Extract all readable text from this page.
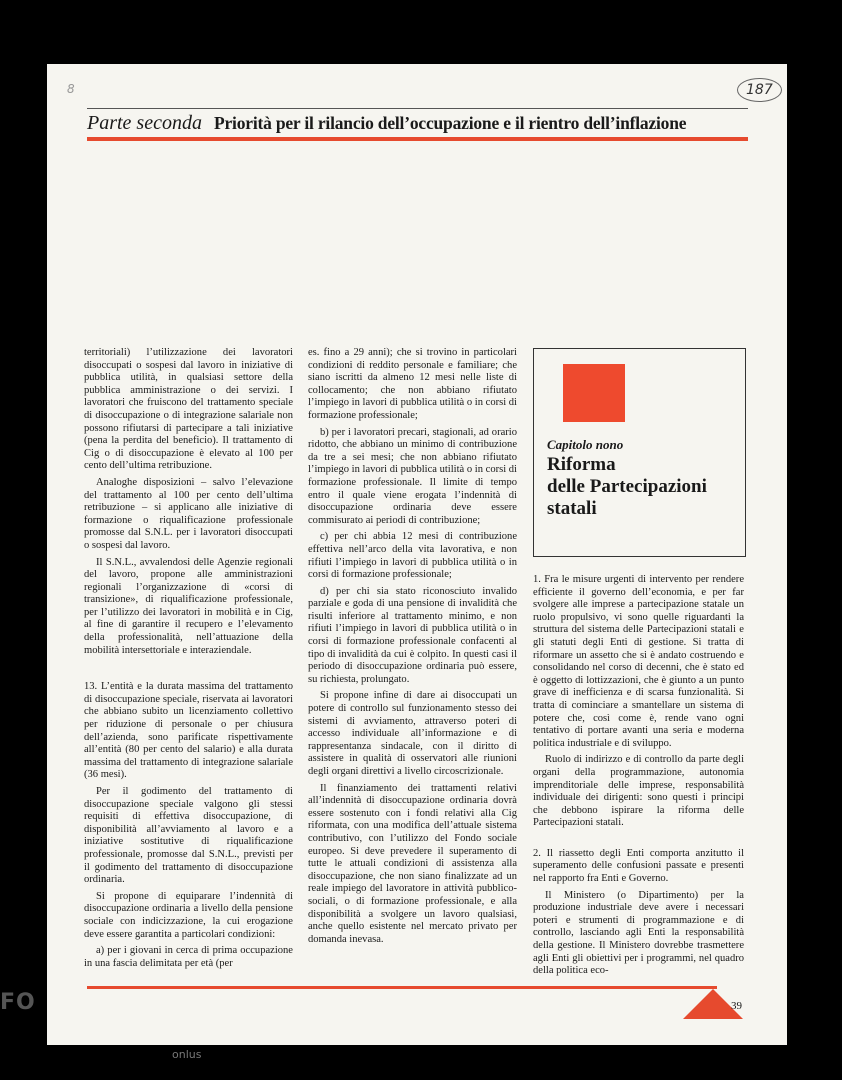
8	187
Parte seconda Priorità per il rilancio dell’occupazione e il rientro dell’inflazione

territoriali) l’utilizzazione dei lavoratori disoccupati o sospesi dal lavoro in iniziative di pubblica utilità, in qualsiasi settore della pubblica amministrazione o dei servizi. I lavoratori che fruiscono del trattamento speciale di disoccupazione o di integrazione salariale non possono rifiutarsi di partecipare a tali iniziative (pena la perdita del beneficio). Il trattamento di Cig o di disoccupazione è elevato al 100 per cento dell’ultima retribuzione.

Analoghe disposizioni – salvo l’elevazione del trattamento al 100 per cento dell’ultima retribuzione – si applicano alle iniziative di formazione o riqualificazione professionale promosse dal S.N.L. per i lavoratori disoccupati o sospesi dal lavoro.

Il S.N.L., avvalendosi delle Agenzie regionali del lavoro, propone alle amministrazioni regionali l’organizzazione di «corsi di transizione», di riqualificazione professionale, per l’utilizzo dei lavoratori in mobilità e in Cig, al fine di garantire il recupero e l’elevamento della professionalità, nell’attuazione della mobilità intersettoriale e interaziendale.

13. L’entità e la durata massima del trattamento di disoccupazione speciale, riservata ai lavoratori che abbiano subito un licenziamento collettivo per riduzione di personale o per chiusura dell’azienda, sono parificate rispettivamente all’entità (80 per cento del salario) e alla durata massima del trattamento di integrazione salariale (36 mesi).

Per il godimento del trattamento di disoccupazione speciale valgono gli stessi requisiti di effettiva disoccupazione, di disponibilità all’avviamento al lavoro e a iniziative sostitutive di riqualificazione professionale, promosse dal S.N.L., previsti per il godimento del trattamento di disoccupazione ordinaria.

Si propone di equiparare l’indennità di disoccupazione ordinaria a livello della pensione sociale con indicizzazione, la cui erogazione deve essere garantita a particolari condizioni:

a) per i giovani in cerca di prima occupazione in una fascia delimitata per età (per

es. fino a 29 anni); che si trovino in particolari condizioni di reddito personale e familiare; che siano iscritti da almeno 12 mesi nelle liste di collocamento; che non abbiano rifiutato l’impiego in lavori di pubblica utilità o in corsi di formazione professionale;

b) per i lavoratori precari, stagionali, ad orario ridotto, che abbiano un minimo di contribuzione da tre a sei mesi; che non abbiano rifiutato l’impiego in lavori di pubblica utilità o in corsi di formazione professionale. Il limite di tempo entro il quale viene erogata l’indennità di disoccupazione ordinaria deve essere commisurato ai periodi di contribuzione;

c) per chi abbia 12 mesi di contribuzione effettiva nell’arco della vita lavorativa, e non rifiuti l’impiego in lavori di pubblica utilità o in corsi di formazione professionale;

d) per chi sia stato riconosciuto invalido parziale e goda di una pensione di invalidità che risulti inferiore al trattamento minimo, e non rifiuti l’impiego in lavori di pubblica utilità o in corsi di formazione professionale confacenti al tipo di invalidità da cui è colpito. In questi casi il periodo di disoccupazione ordinaria può essere, su richiesta, prolungato.

Si propone infine di dare ai disoccupati un potere di controllo sul funzionamento stesso dei sistemi di avviamento, attraverso poteri di accesso individuale all’informazione e di rappresentanza sindacale, con il diritto di assistere in qualità di osservatori alle riunioni degli organi direttivi a livello circoscrizionale.

Il finanziamento dei trattamenti relativi all’indennità di disoccupazione ordinaria dovrà essere sostenuto con i fondi relativi alla Cig riformata, con una modifica dell’attuale sistema contributivo, con l’utilizzo del Fondo sociale europeo. Si deve prevedere il superamento di tutte le attuali condizioni di assistenza alla disoccupazione, che non siano finalizzate ad un reale impiego del lavoratore in attività pubblico-sociali, o di formazione professionale, e alla disponibilità a svolgere un lavoro qualsiasi, anche quello esistente nel mercato privato per domanda inevasa.

Capitolo nono
Riforma
delle Partecipazioni
statali

1. Fra le misure urgenti di intervento per rendere efficiente il governo dell’economia, e per far svolgere alle imprese a partecipazione statale un ruolo propulsivo, vi sono quelle riguardanti la struttura del sistema delle Partecipazioni statali e gli statuti degli Enti di gestione. Si tratta di riformare un assetto che si è andato costruendo e consolidando nel corso di decenni, che è stato ed è oggetto di lottizzazioni, che è giunto a un punto grave di inefficienza e di scarsa funzionalità. Si tratta di cominciare a smantellare un sistema di potere che, così come è, rende vano ogni tentativo di portare avanti una seria e moderna politica industriale e di sviluppo.

Ruolo di indirizzo e di controllo da parte degli organi della programmazione, autonomia imprenditoriale delle imprese, responsabilità individuale dei dirigenti: sono questi i principi che debbono ispirare la riforma delle Partecipazioni statali.

2. Il riassetto degli Enti comporta anzitutto il superamento delle confusioni passate e presenti nel rapporto fra Enti e Governo.

Il Ministero (o Dipartimento) per la produzione industriale deve avere i necessari poteri e strumenti di programmazione e di controllo, lasciando agli Enti la responsabilità della gestione. Il Ministero dovrebbe trasmettere agli Enti gli obiettivi per i programmi, nel quadro della politica eco-

39
FO
onlus
